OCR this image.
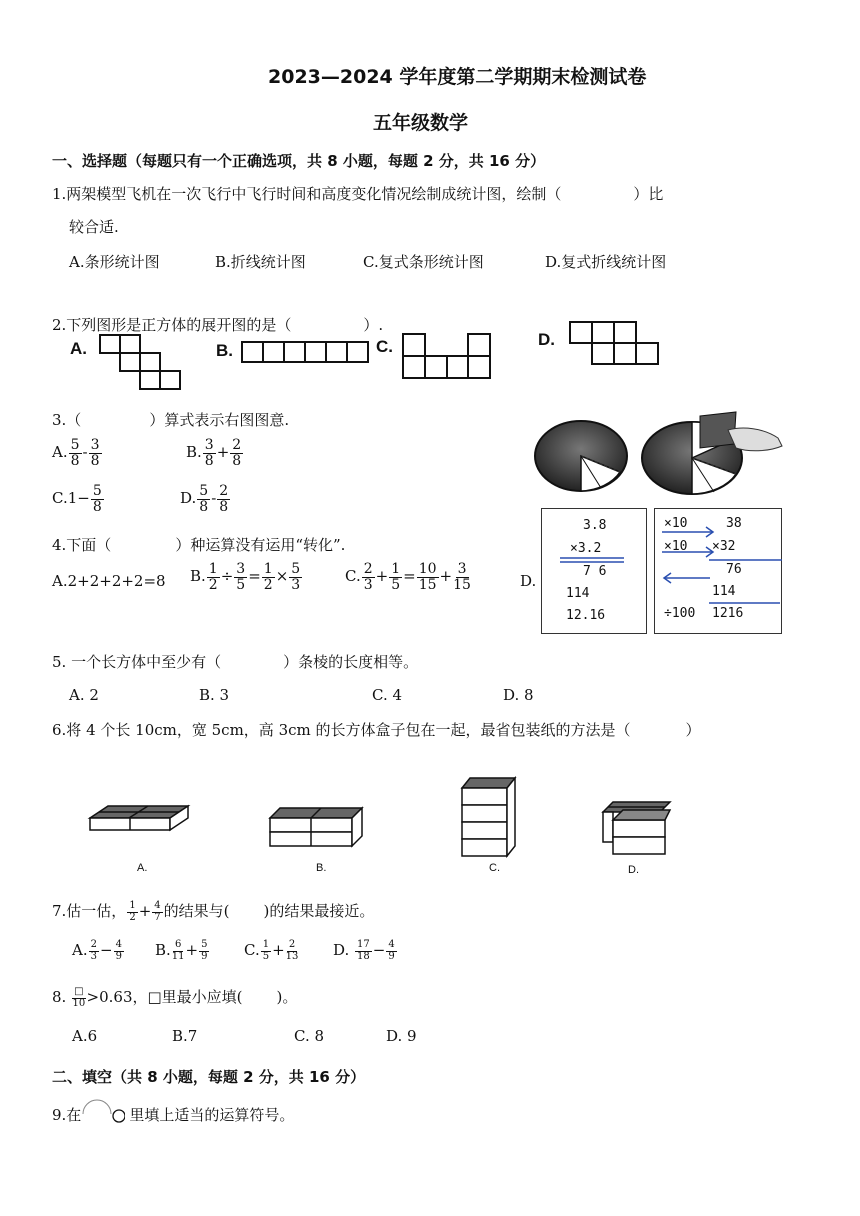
2023—2024 学年度第二学期期末检测试卷
五年级数学
一、选择题（每题只有一个正确选项，共 8 小题，每题 2 分，共 16 分）
1.两架模型飞机在一次飞行中飞行时间和高度变化情况绘制成统计图，绘制（	）比
较合适.
A.条形统计图	B.折线统计图	C.复式条形统计图	D.复式折线统计图
2.下列图形是正方体的展开图的是（	）.
A.	B.	C.	D.
3.（	）算式表示右图图意.
A. $\frac{5}{8} - \frac{3}{8}$	B. $\frac{3}{8} + \frac{2}{8}$
$C.1- \frac{5}{8}$	D. $\frac{5}{8} - \frac{2}{8}$
4.下面（	）种运算没有运用“转化”.
A.2+2+2+2=8 B. $\frac{1}{2} \div \frac{3}{5} = \frac{1}{2} \times \frac{5}{3}$	C. $\frac{2}{3} + \frac{1}{5} = \frac{10}{15} + \frac{3}{15}$	D.
3.8
×3.2
7 6
114
12.16
×10	38
×10 ×32
76
114
÷100 1216
5. 一个长方体中至少有（	）条棱的长度相等。
A. 2	B. 3	C. 4	D. 8
6.将 4 个长 10cm，宽 5cm，高 3cm 的长方体盒子包在一起，最省包装纸的方法是（	）
A.	B.	C.	D.
7.估一估， $\frac{1}{2} + \frac{4}{7}$ 的结果与( )的结果最接近。
A. $\frac{2}{3} - \frac{4}{9} B$. $\frac{6}{11} + \frac{5}{9} C$. $\frac{1}{5} + \frac{2}{13} D$. $\frac{17}{18} - \frac{4}{9}$
8. $\frac{□}{10} >0.63$，□里最小应填( )。
A.6	B.7	C. 8	D. 9
二、填空（共 8 小题，每题 2 分，共 16 分）
9.在	里填上适当的运算符号。
